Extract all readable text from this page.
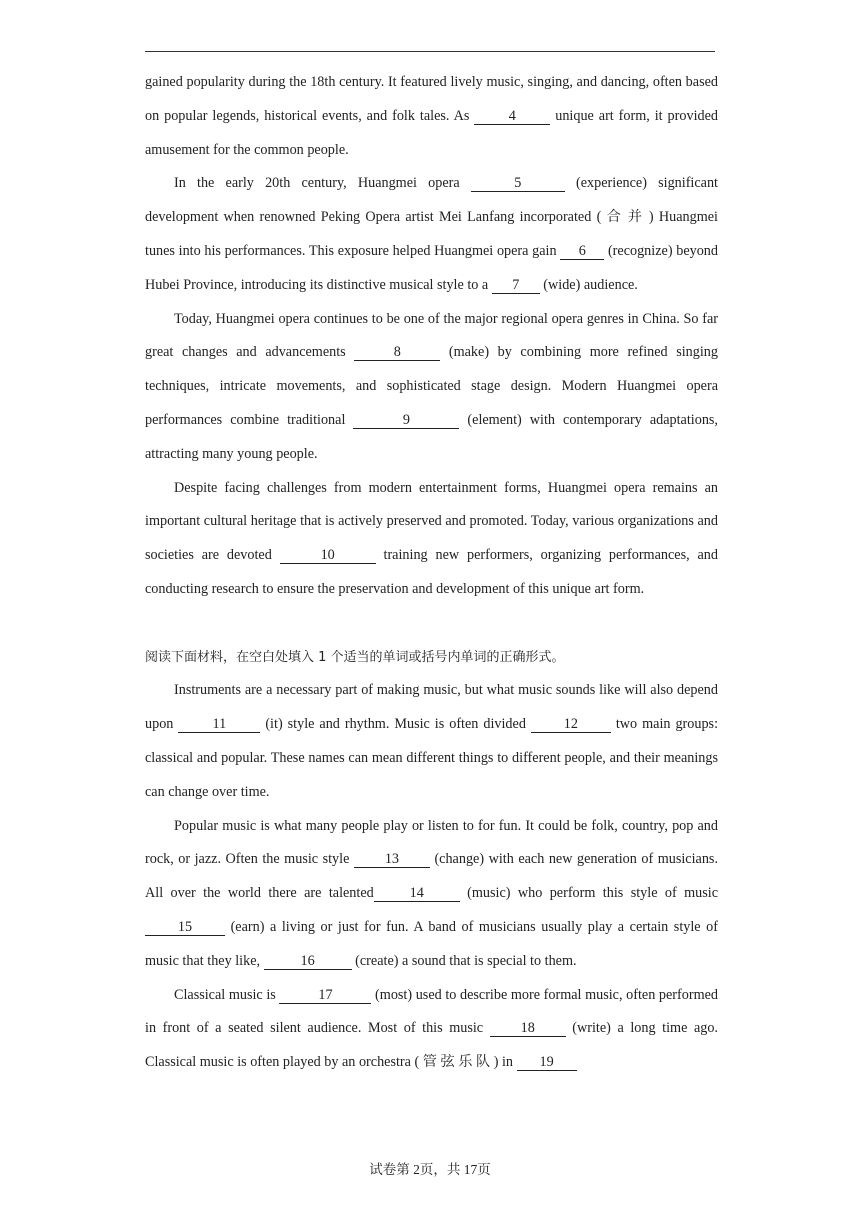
gained popularity during the 18th century. It featured lively music, singing, and dancing, often based on popular legends, historical events, and folk tales. As 4 unique art form, it provided amusement for the common people.

In the early 20th century, Huangmei opera	5	(experience) significant development when renowned Peking Opera artist Mei Lanfang incorporated ( 合 并 ) Huangmei tunes into his performances. This exposure helped Huangmei opera gain 6 (recognize) beyond Hubei Province, introducing its distinctive musical style to a 7 (wide) audience.

Today, Huangmei opera continues to be one of the major regional opera genres in China. So far great changes and advancements	8	(make) by combining more refined singing techniques, intricate movements, and sophisticated stage design. Modern Huangmei opera performances combine traditional	9	(element) with contemporary adaptations, attracting many young people.

Despite facing challenges from modern entertainment forms, Huangmei opera remains an important cultural heritage that is actively preserved and promoted. Today, various organizations and societies are devoted	10	training new performers, organizing performances, and conducting research to ensure the preservation and development of this unique art form.

阅读下面材料，在空白处填入 1 个适当的单词或括号内单词的正确形式。

Instruments are a necessary part of making music, but what music sounds like will also depend upon 11 (it) style and rhythm. Music is often divided 12 two main groups: classical and popular. These names can mean different things to different people, and their meanings can change over time.

Popular music is what many people play or listen to for fun. It could be folk, country, pop and rock, or jazz. Often the music style 13 (change) with each new generation of musicians. All over the world there are talented	14	(music) who perform this style of music 15 (earn) a living or just for fun. A band of musicians usually play a certain style of music that they like,	16	(create) a sound that is special to them.

Classical music is	17	(most) used to describe more formal music, often performed in front of a seated silent audience. Most of this music 18 (write) a long time ago. Classical music is often played by an orchestra ( 管 弦 乐 队 ) in 19

试卷第 2页，共 17页
